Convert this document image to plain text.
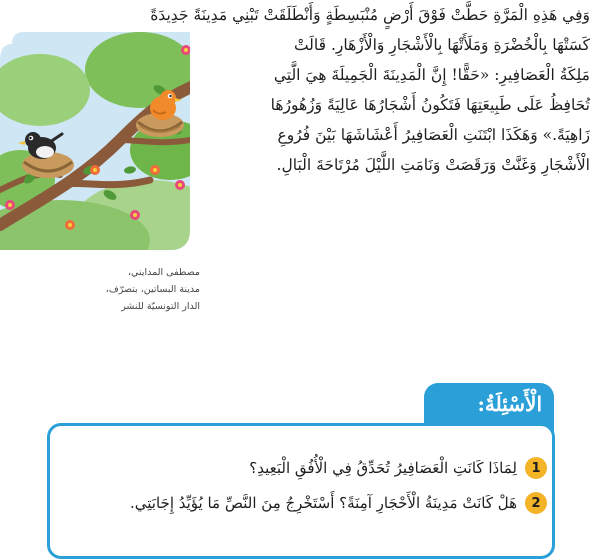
وَفِي هَذِهِ الْمَرَّةِ حَطَّتْ فَوْقَ أَرْضٍ مُنْبَسِطَةٍ وَأَنْطَلَقَتْ تَبْنِي مَدِينَةً جَدِيدَةً
كَسَتْهَا بِالْخُضْرَةِ وَمَلَأَتْهَا بِالْأَشْجَارِ وَالْأَزْهَارِ. قَالَتْ
مَلِكَةُ الْعَصَافِيرِ: «حَقًّا! إِنَّ الْمَدِينَةَ الْجَمِيلَةَ هِيَ الَّتِي
تُحَافِظُ عَلَى طَبِيعَتِهَا فَتَكُونُ أَشْجَارُهَا عَالِيَةً وَزُهُورُهَا
زَاهِيَةً.» وَهَكَذَا ابْتَنَتِ الْعَصَافِيرُ أَعْشَاشَهَا بَيْنَ فُرُوعِ
الْأَشْجَارِ وَغَنَّتْ وَرَقَصَتْ وَنَامَتِ اللَّيْلَ مُرْتَاحَةَ الْبَالِ.

مصطفى المدايني،
مدينة البساتين، بتصرّف،
الدار التونسيّة للنشر
الْأَسْئِلَةُ:
1
لِمَاذَا كَانَتِ الْعَصَافِيرُ تُحَدِّقُ فِي الْأُفُقِ الْبَعِيدِ؟
2
هَلْ كَانَتْ مَدِينَةُ الْأَحْجَارِ آمِنَةً؟ أَسْتَخْرِجُ مِنَ النَّصِّ مَا يُؤَيِّدُ إِجَابَتِي.
